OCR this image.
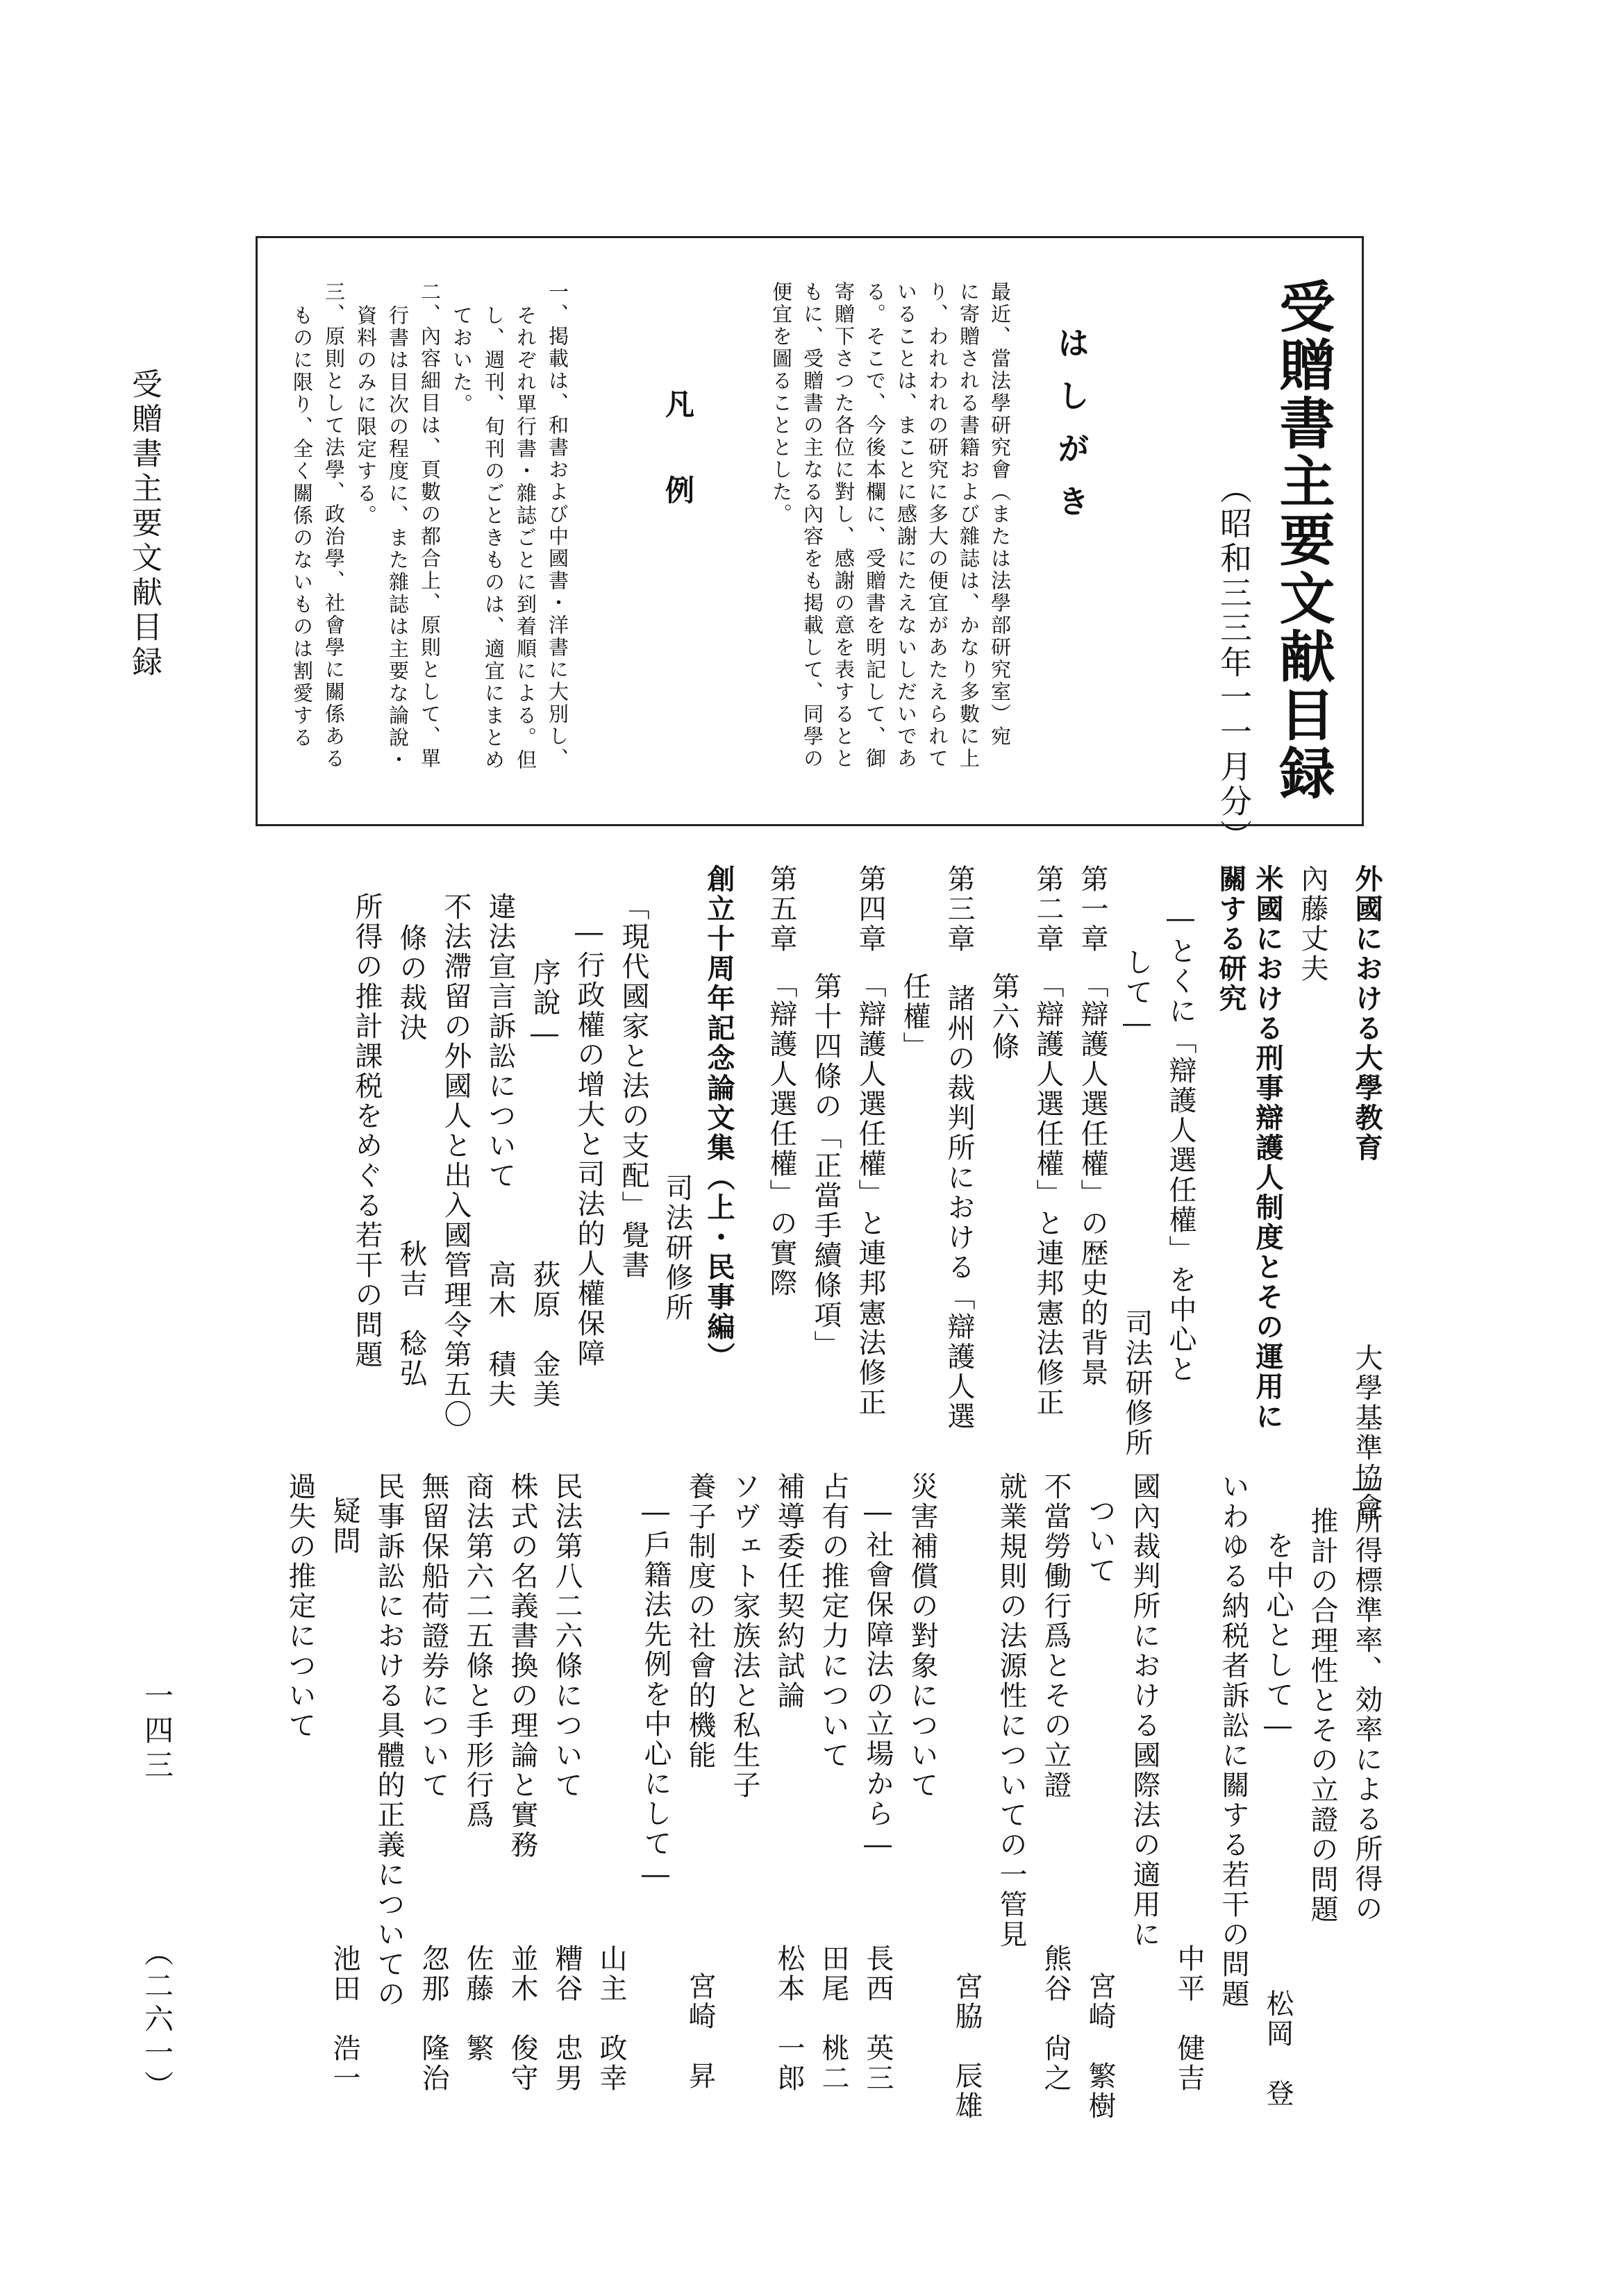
受贈書主要文献目録	受贈書主要文献目録
（昭和三三年一一月分）
はしがき
最近、當法學研究會（または法學部研究室）宛
に寄贈される書籍および雜誌は、かなり多數に上
り、われわれの研究に多大の便宜があたえられて
いることは、まことに感謝にたえないしだいであ
る。そこで、今後本欄に、受贈書を明記して、御
寄贈下さつた各位に對し、感謝の意を表するとと
もに、受贈書の主なる內容をも掲載して、同學の
便宜を圖ることとした。
凡　例
一、掲載は、和書および中國書・洋書に大別し、
それぞれ單行書・雜誌ごとに到着順による。但
し、週刊、旬刊のごときものは、適宜にまとめ
ておいた。
二、內容細目は、頁數の都合上、原則として、單
行書は目次の程度に、また雜誌は主要な論說・
資料のみに限定する。
三、原則として法學、政治學、社會學に關係ある
ものに限り、全く關係のないものは割愛する
外國における大學教育
大學基準協會
內藤丈夫
米國における刑事辯護人制度とその運用に
關する研究
―とくに「辯護人選任權」を中心と
して―
司法研修所
第一章　「辯護人選任權」の歴史的背景
第二章　「辯護人選任權」と連邦憲法修正
第六條
第三章　諸州の裁判所における「辯護人選
任權」
第四章　「辯護人選任權」と連邦憲法修正
第十四條の「正當手續條項」
第五章　「辯護人選任權」の實際
創立十周年記念論文集（上・民事編）
司法研修所
「現代國家と法の支配」覺書
―行政權の增大と司法的人權保障
序說―
荻原　金美
違法宣言訴訟について
高木　積夫
不法滯留の外國人と出入國管理令第五〇
條の裁決
秋吉　稔弘
所得の推計課税をめぐる若干の問題
―所得標準率、効率による所得の
推計の合理性とその立證の問題
を中心として―
松岡　登
いわゆる納税者訴訟に關する若干の問題
中平　健吉
國內裁判所における國際法の適用に
ついて
宮崎　繁樹
不當勞働行爲とその立證
熊谷　尙之
就業規則の法源性についての一管見
宮脇　辰雄
災害補償の對象について
―社會保障法の立場から―
長西　英三
占有の推定力について
田尾　桃二
補導委任契約試論
松本　一郎
ソヴェト家族法と私生子
養子制度の社會的機能
宮崎　昇
―戶籍法先例を中心にして―
山主　政幸
民法第八二六條について
糟谷　忠男
株式の名義書換の理論と實務
並木　俊守
商法第六二五條と手形行爲
佐藤　繁
無留保船荷證券について
忽那　隆治
民事訴訟における具體的正義についての
疑問
池田　浩一
過失の推定について
一四三
（二六一）
